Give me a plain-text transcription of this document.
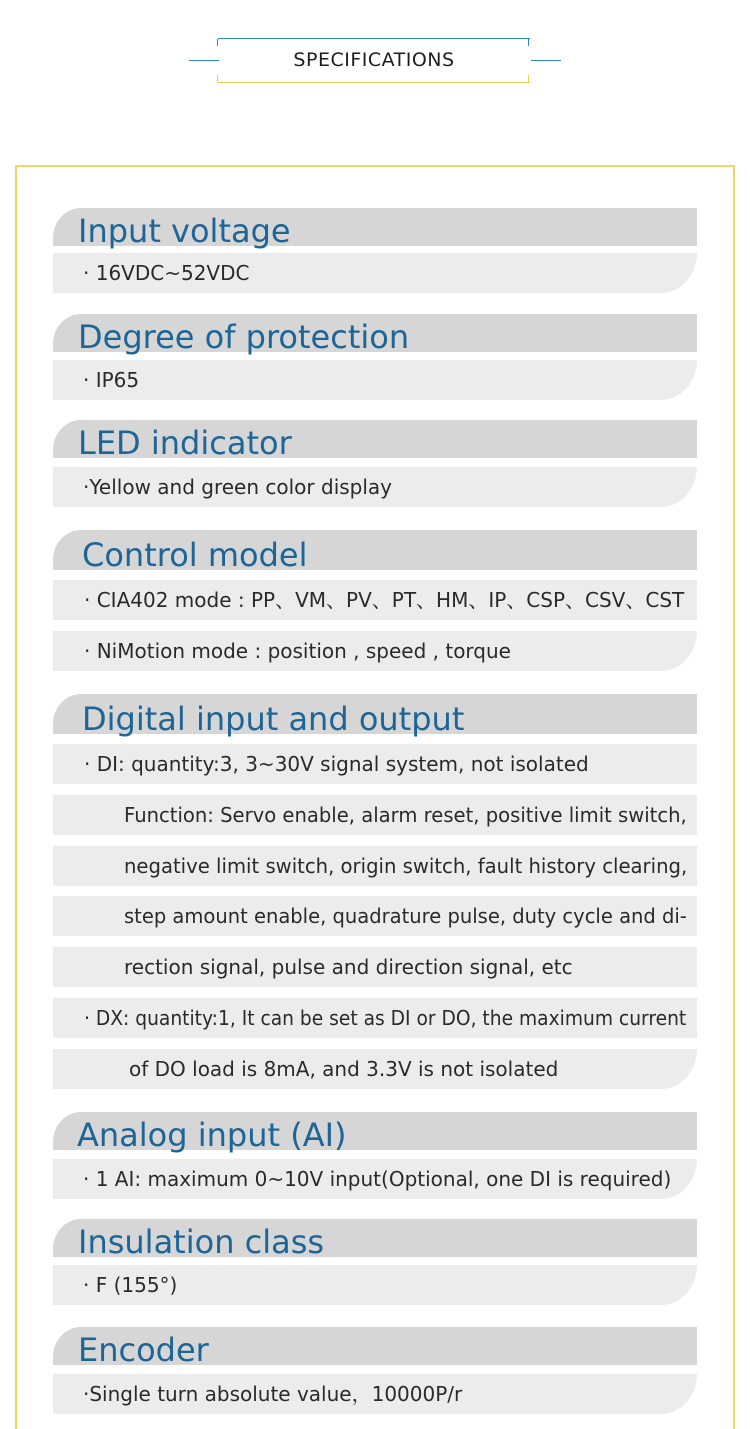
SPECIFICATIONS
Input voltage
· 16VDC~52VDC
Degree of protection
· IP65
LED indicator
·Yellow and green color display
Control model
· CIA402 mode : PP、VM、PV、PT、HM、IP、CSP、CSV、CST
· NiMotion mode : position , speed , torque
Digital input and output
· DI: quantity:3, 3~30V signal system, not isolated
Function: Servo enable, alarm reset, positive limit switch,
negative limit switch, origin switch, fault history clearing,
step amount enable, quadrature pulse, duty cycle and di-
rection signal, pulse and direction signal, etc
· DX: quantity:1, It can be set as DI or DO, the maximum current
of DO load is 8mA, and 3.3V is not isolated
Analog input (AI)
· 1 AI: maximum 0~10V input(Optional, one DI is required)
Insulation class
· F (155°)
Encoder
·Single turn absolute value，10000P/r
